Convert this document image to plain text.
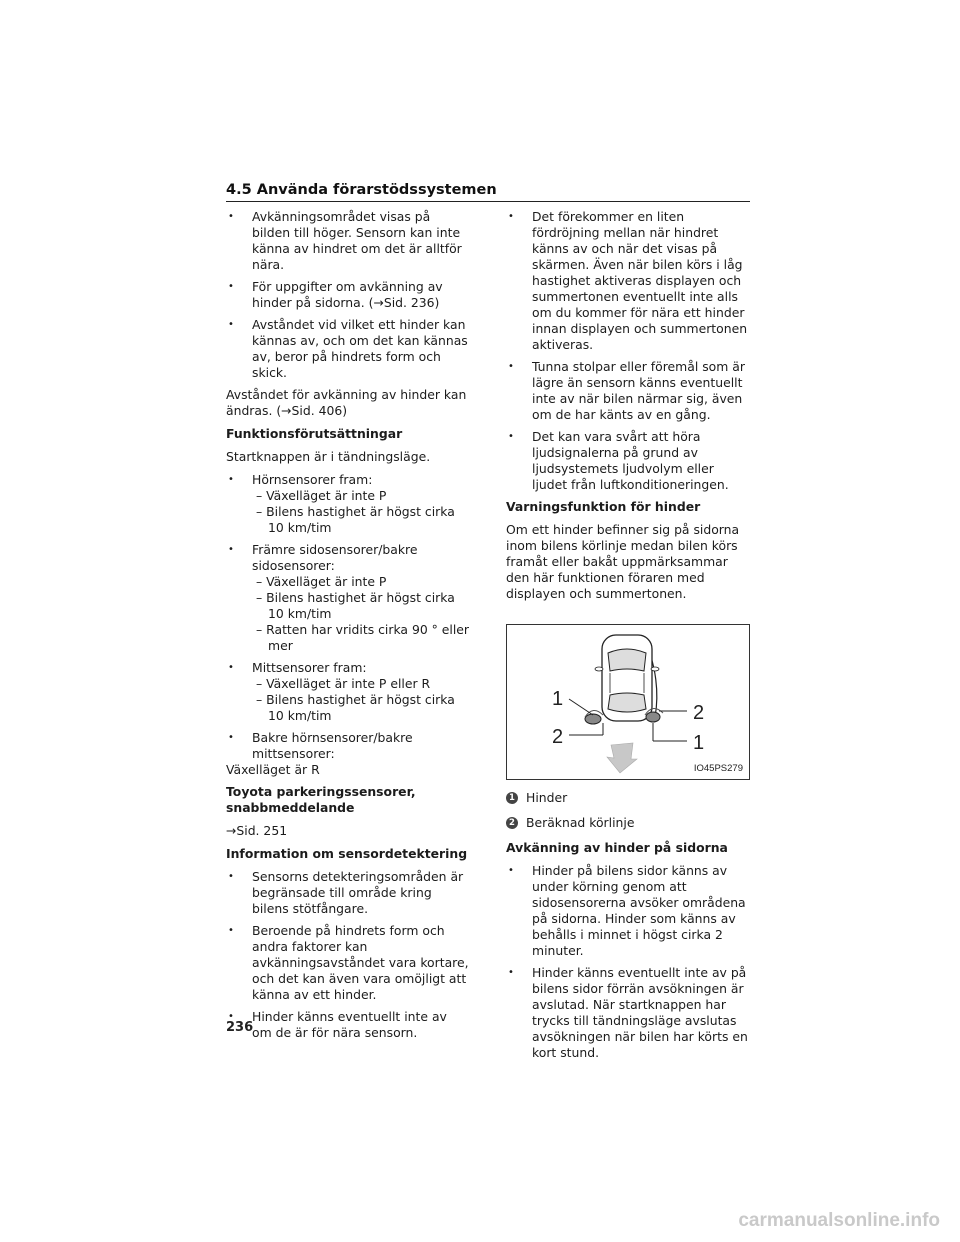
4.5 Använda förarstödssystemen
• Avkänningsområdet visas på bilden till höger. Sensorn kan inte känna av hindret om det är alltför nära.
• För uppgifter om avkänning av hinder på sidorna. (→Sid. 236)
• Avståndet vid vilket ett hinder kan kännas av, och om det kan kännas av, beror på hindrets form och skick.

Avståndet för avkänning av hinder kan ändras. (→Sid. 406)

Funktionsförutsättningar

Startknappen är i tändningsläge.

• Hörnsensorer fram:
– Växelläget är inte P
– Bilens hastighet är högst cirka 10 km/tim
• Främre sidosensorer/bakre sidosensorer:
– Växelläget är inte P
– Bilens hastighet är högst cirka 10 km/tim
– Ratten har vridits cirka 90 ° eller mer
• Mittsensorer fram:
– Växelläget är inte P eller R
– Bilens hastighet är högst cirka 10 km/tim
• Bakre hörnsensorer/bakre mittsensorer:
Växelläget är R

Toyota parkeringssensorer, snabbmeddelande

→Sid. 251

Information om sensordetektering

• Sensorns detekteringsområden är begränsade till område kring bilens stötfångare.
• Beroende på hindrets form och andra faktorer kan avkänningsavståndet vara kortare, och det kan även vara omöjligt att känna av ett hinder.
• Hinder känns eventuellt inte av om de är för nära sensorn.
• Det förekommer en liten fördröjning mellan när hindret känns av och när det visas på skärmen. Även när bilen körs i låg hastighet aktiveras displayen och summertonen eventuellt inte alls om du kommer för nära ett hinder innan displayen och summertonen aktiveras.
• Tunna stolpar eller föremål som är lägre än sensorn känns eventuellt inte av när bilen närmar sig, även om de har känts av en gång.
• Det kan vara svårt att höra ljudsignalerna på grund av ljudsystemets ljudvolym eller ljudet från luftkonditioneringen.

Varningsfunktion för hinder

Om ett hinder befinner sig på sidorna inom bilens körlinje medan bilen körs framåt eller bakåt uppmärksammar den här funktionen föraren med displayen och summertonen.

1
2
2
1
IO45PS279
1 Hinder
2 Beräknad körlinje

Avkänning av hinder på sidorna

• Hinder på bilens sidor känns av under körning genom att sidosensorerna avsöker områdena på sidorna. Hinder som känns av behålls i minnet i högst cirka 2 minuter.
• Hinder känns eventuellt inte av på bilens sidor förrän avsökningen är avslutad. När startknappen har trycks till tändningsläge avslutas avsökningen när bilen har körts en kort stund.
236
carmanualsonline.info
